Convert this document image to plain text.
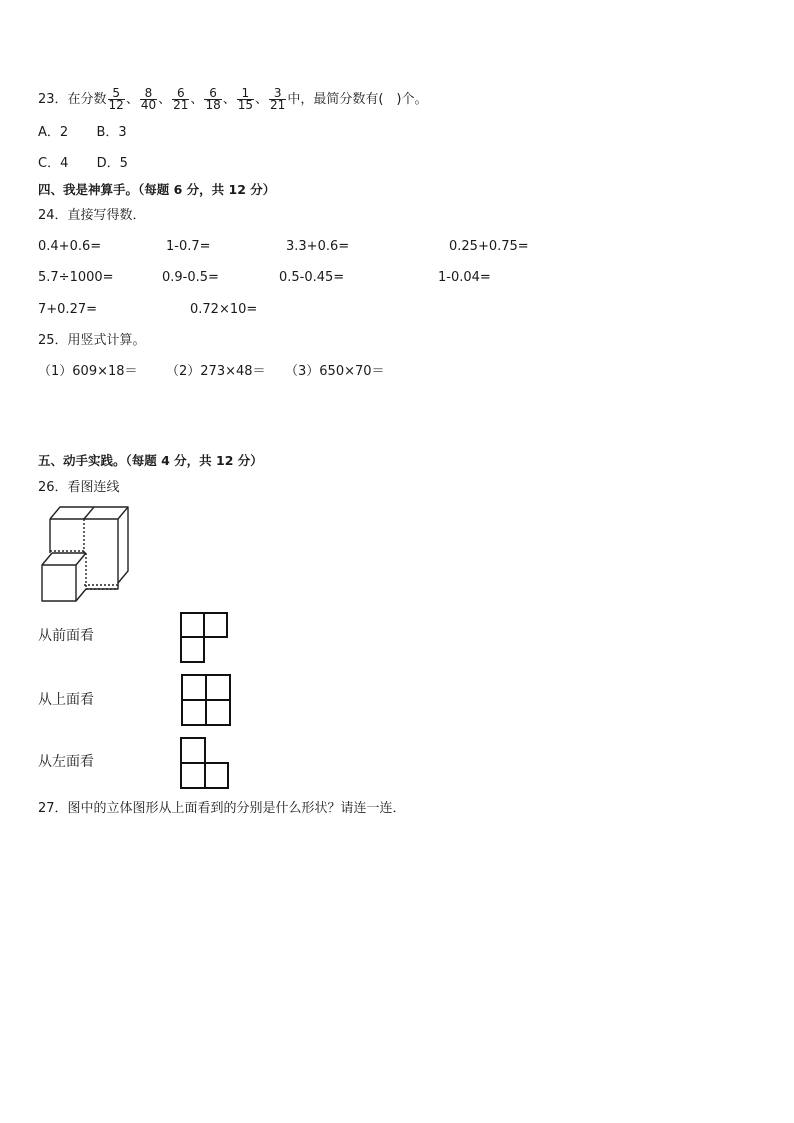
23．在分数 $\frac{5}{12}$ 、 $\frac{8}{40}$ 、 $\frac{6}{21}$ 、 $\frac{6}{18}$ 、 $\frac{1}{15}$ 、 $\frac{3}{21}$ 中，最简分数有(　)个。
A．2 B．3
C．4 D．5
四、我是神算手。（每题 6 分，共 12 分）
24．直接写得数．
0.4+0.6=	1-0.7=	3.3+0.6=	0.25+0.75=
5.7÷1000=	0.9-0.5=	0.5-0.45=	1-0.04=
7+0.27=	0.72×10=
25．用竖式计算。
（1）609×18＝ （2）273×48＝ （3）650×70＝
五、动手实践。（每题 4 分，共 12 分）
26．看图连线
从前面看
从上面看
从左面看
27．图中的立体图形从上面看到的分别是什么形状？请连一连．
